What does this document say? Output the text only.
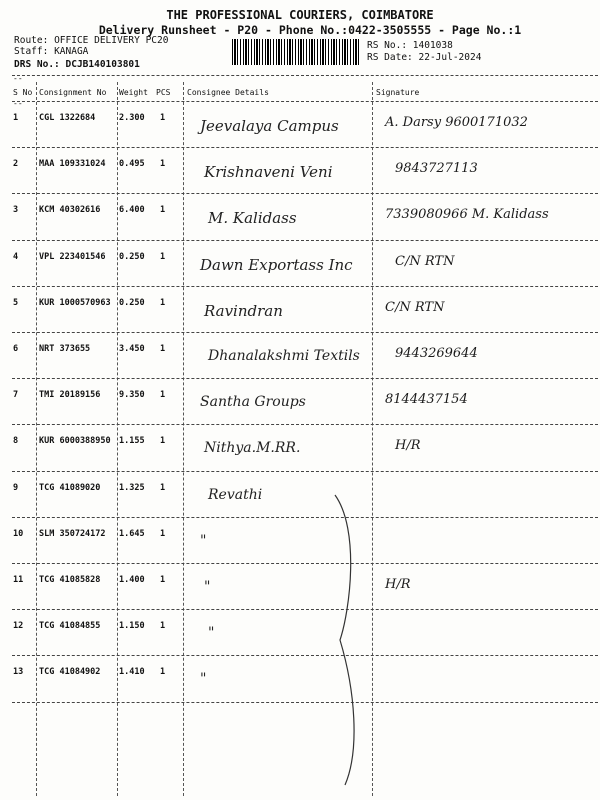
THE PROFESSIONAL COURIERS, COIMBATORE
Delivery Runsheet - P20 - Phone No.:0422-3505555 - Page No.:1
Route: OFFICE DELIVERY PC20
Staff: KANAGA
DRS No.: DCJB140103801
RS No.: 1401038
RS Date: 22-Jul-2024
--
--
S No Consignment No Weight PCS Consignee Details	Signature
1 CGL 1322684	2.300 1 Jeevalaya Campus	A. Darsy 9600171032
2 MAA 109331024 0.495 1	Krishnaveni Veni	9843727113
3 KCM 40302616 6.400 1	M. Kalidass	7339080966 M. Kalidass
4 VPL 223401546 0.250 1 Dawn Exportass Inc	C/N RTN
5 KUR 1000570963 0.250 1	Ravindran	C/N RTN
6 NRT 373655	3.450 1	Dhanalakshmi Textils	9443269644
7 TMI 20189156 9.350 1 Santha Groups	8144437154
8 KUR 6000388950 1.155 1	Nithya.M.RR.	H/R
9 TCG 41089020 1.325 1	Revathi
10 SLM 350724172 1.645 1 "
11 TCG 41085828 1.400 1	"	H/R
12 TCG 41084855 1.150 1	"
13 TCG 41084902 1.410 1 "
